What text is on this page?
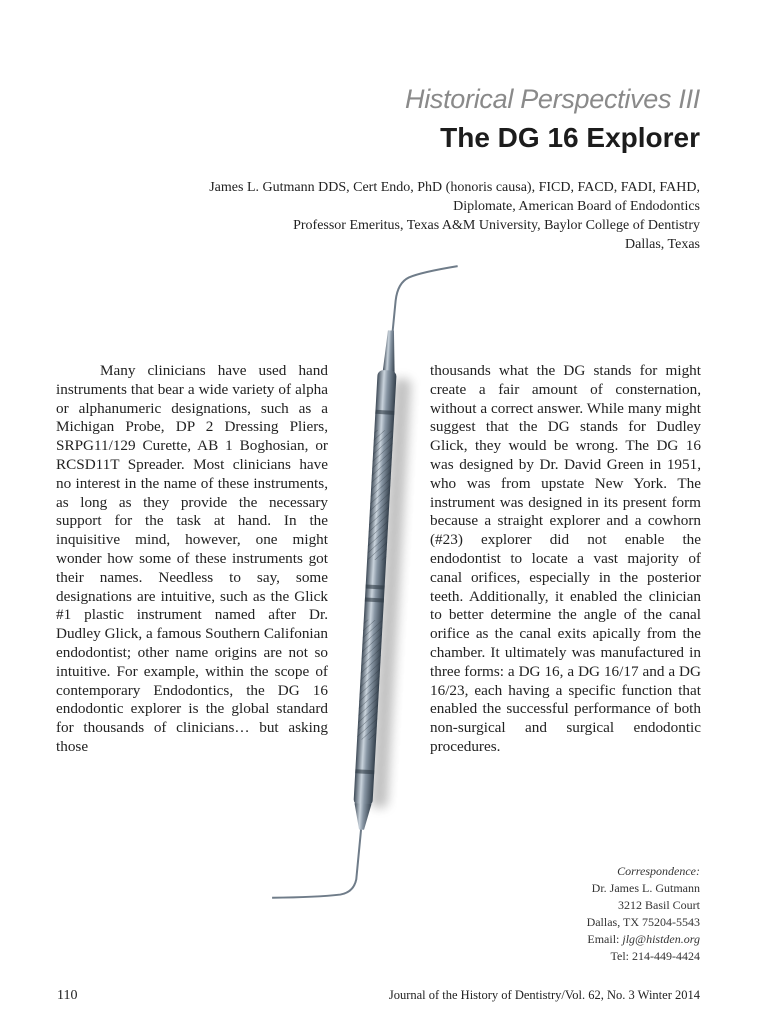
Historical Perspectives III
The DG 16 Explorer
James L. Gutmann DDS, Cert Endo, PhD (honoris causa), FICD, FACD, FADI, FAHD,
Diplomate, American Board of Endodontics
Professor Emeritus, Texas A&M University, Baylor College of Dentistry
Dallas, Texas
Many clinicians have used hand instruments that bear a wide variety of alpha or alphanumeric designations, such as a Michigan Probe, DP 2 Dressing Pliers, SRPG11/129 Curette, AB 1 Boghosian, or RCSD11T Spreader. Most clinicians have no interest in the name of these instruments, as long as they provide the necessary support for the task at hand. In the inquisitive mind, however, one might wonder how some of these instruments got their names. Needless to say, some designations are intuitive, such as the Glick #1 plastic instrument named after Dr. Dudley Glick, a famous Southern Califonian endodontist; other name origins are not so intuitive. For example, within the scope of contemporary Endodontics, the DG 16 endodontic explorer is the global standard for thousands of clinicians… but asking those
thousands what the DG stands for might create a fair amount of consternation, without a correct answer. While many might suggest that the DG stands for Dudley Glick, they would be wrong. The DG 16 was designed by Dr. David Green in 1951, who was from upstate New York. The instrument was designed in its present form because a straight explorer and a cowhorn (#23) explorer did not enable the endodontist to locate a vast majority of canal orifices, especially in the posterior teeth. Additionally, it enabled the clinician to better determine the angle of the canal orifice as the canal exits apically from the chamber. It ultimately was manufactured in three forms: a DG 16, a DG 16/17 and a DG 16/23, each having a specific function that enabled the successful performance of both non-surgical and surgical endodontic procedures.
Correspondence:
Dr. James L. Gutmann
3212 Basil Court
Dallas, TX 75204-5543
Email: jlg@histden.org
Tel: 214-449-4424
110	Journal of the History of Dentistry/Vol. 62, No. 3 Winter 2014
